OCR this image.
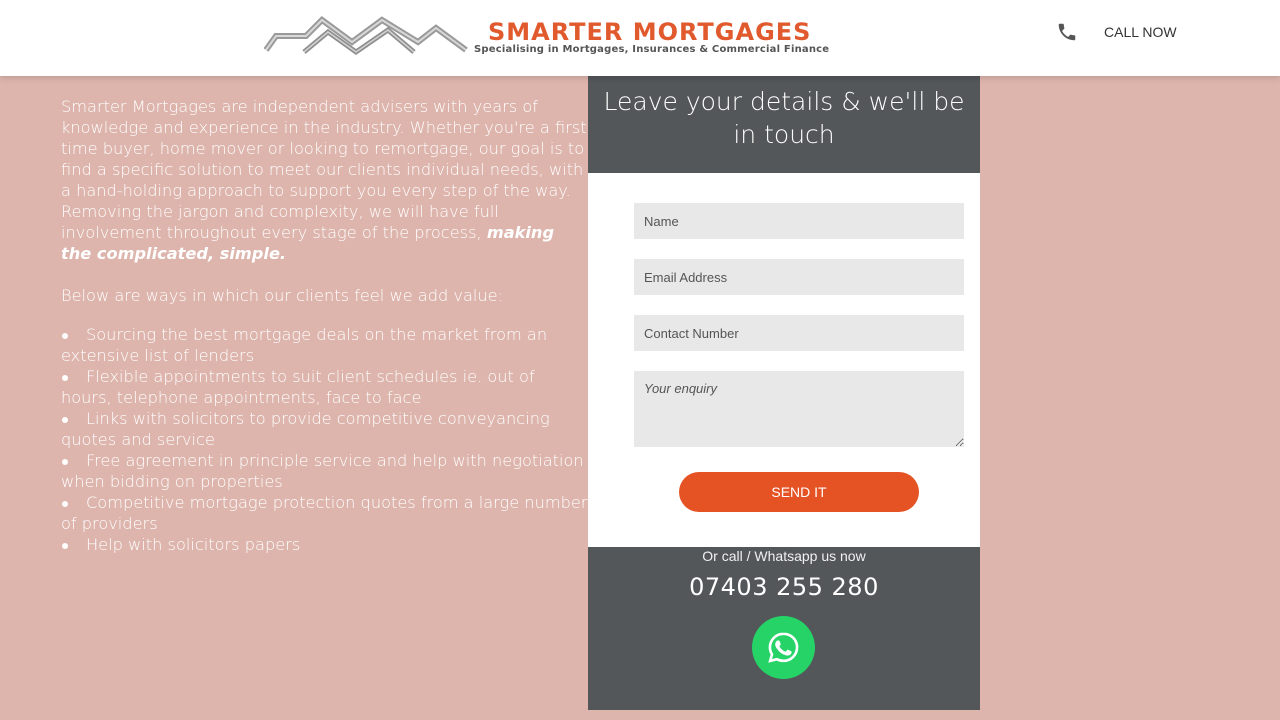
SMARTER MORTGAGES
Specialising in Mortgages, Insurances & Commercial Finance
CALL NOW

Smarter Mortgages are independent advisers with years of knowledge and experience in the industry. Whether you're a first time buyer, home mover or looking to remortgage, our goal is to find a specific solution to meet our clients individual needs, with a hand-holding approach to support you every step of the way. Removing the jargon and complexity, we will have full involvement throughout every stage of the process, making the complicated, simple.

Below are ways in which our clients feel we add value:

Sourcing the best mortgage deals on the market from an extensive list of lenders
Flexible appointments to suit client schedules ie. out of hours, telephone appointments, face to face
Links with solicitors to provide competitive conveyancing quotes and service
Free agreement in principle service and help with negotiation when bidding on properties
Competitive mortgage protection quotes from a large number of providers
Help with solicitors papers
Leave your details & we'll be in touch
Name
Email Address
Contact Number
Your enquiry
SEND IT
Or call / Whatsapp us now
07403 255 280
